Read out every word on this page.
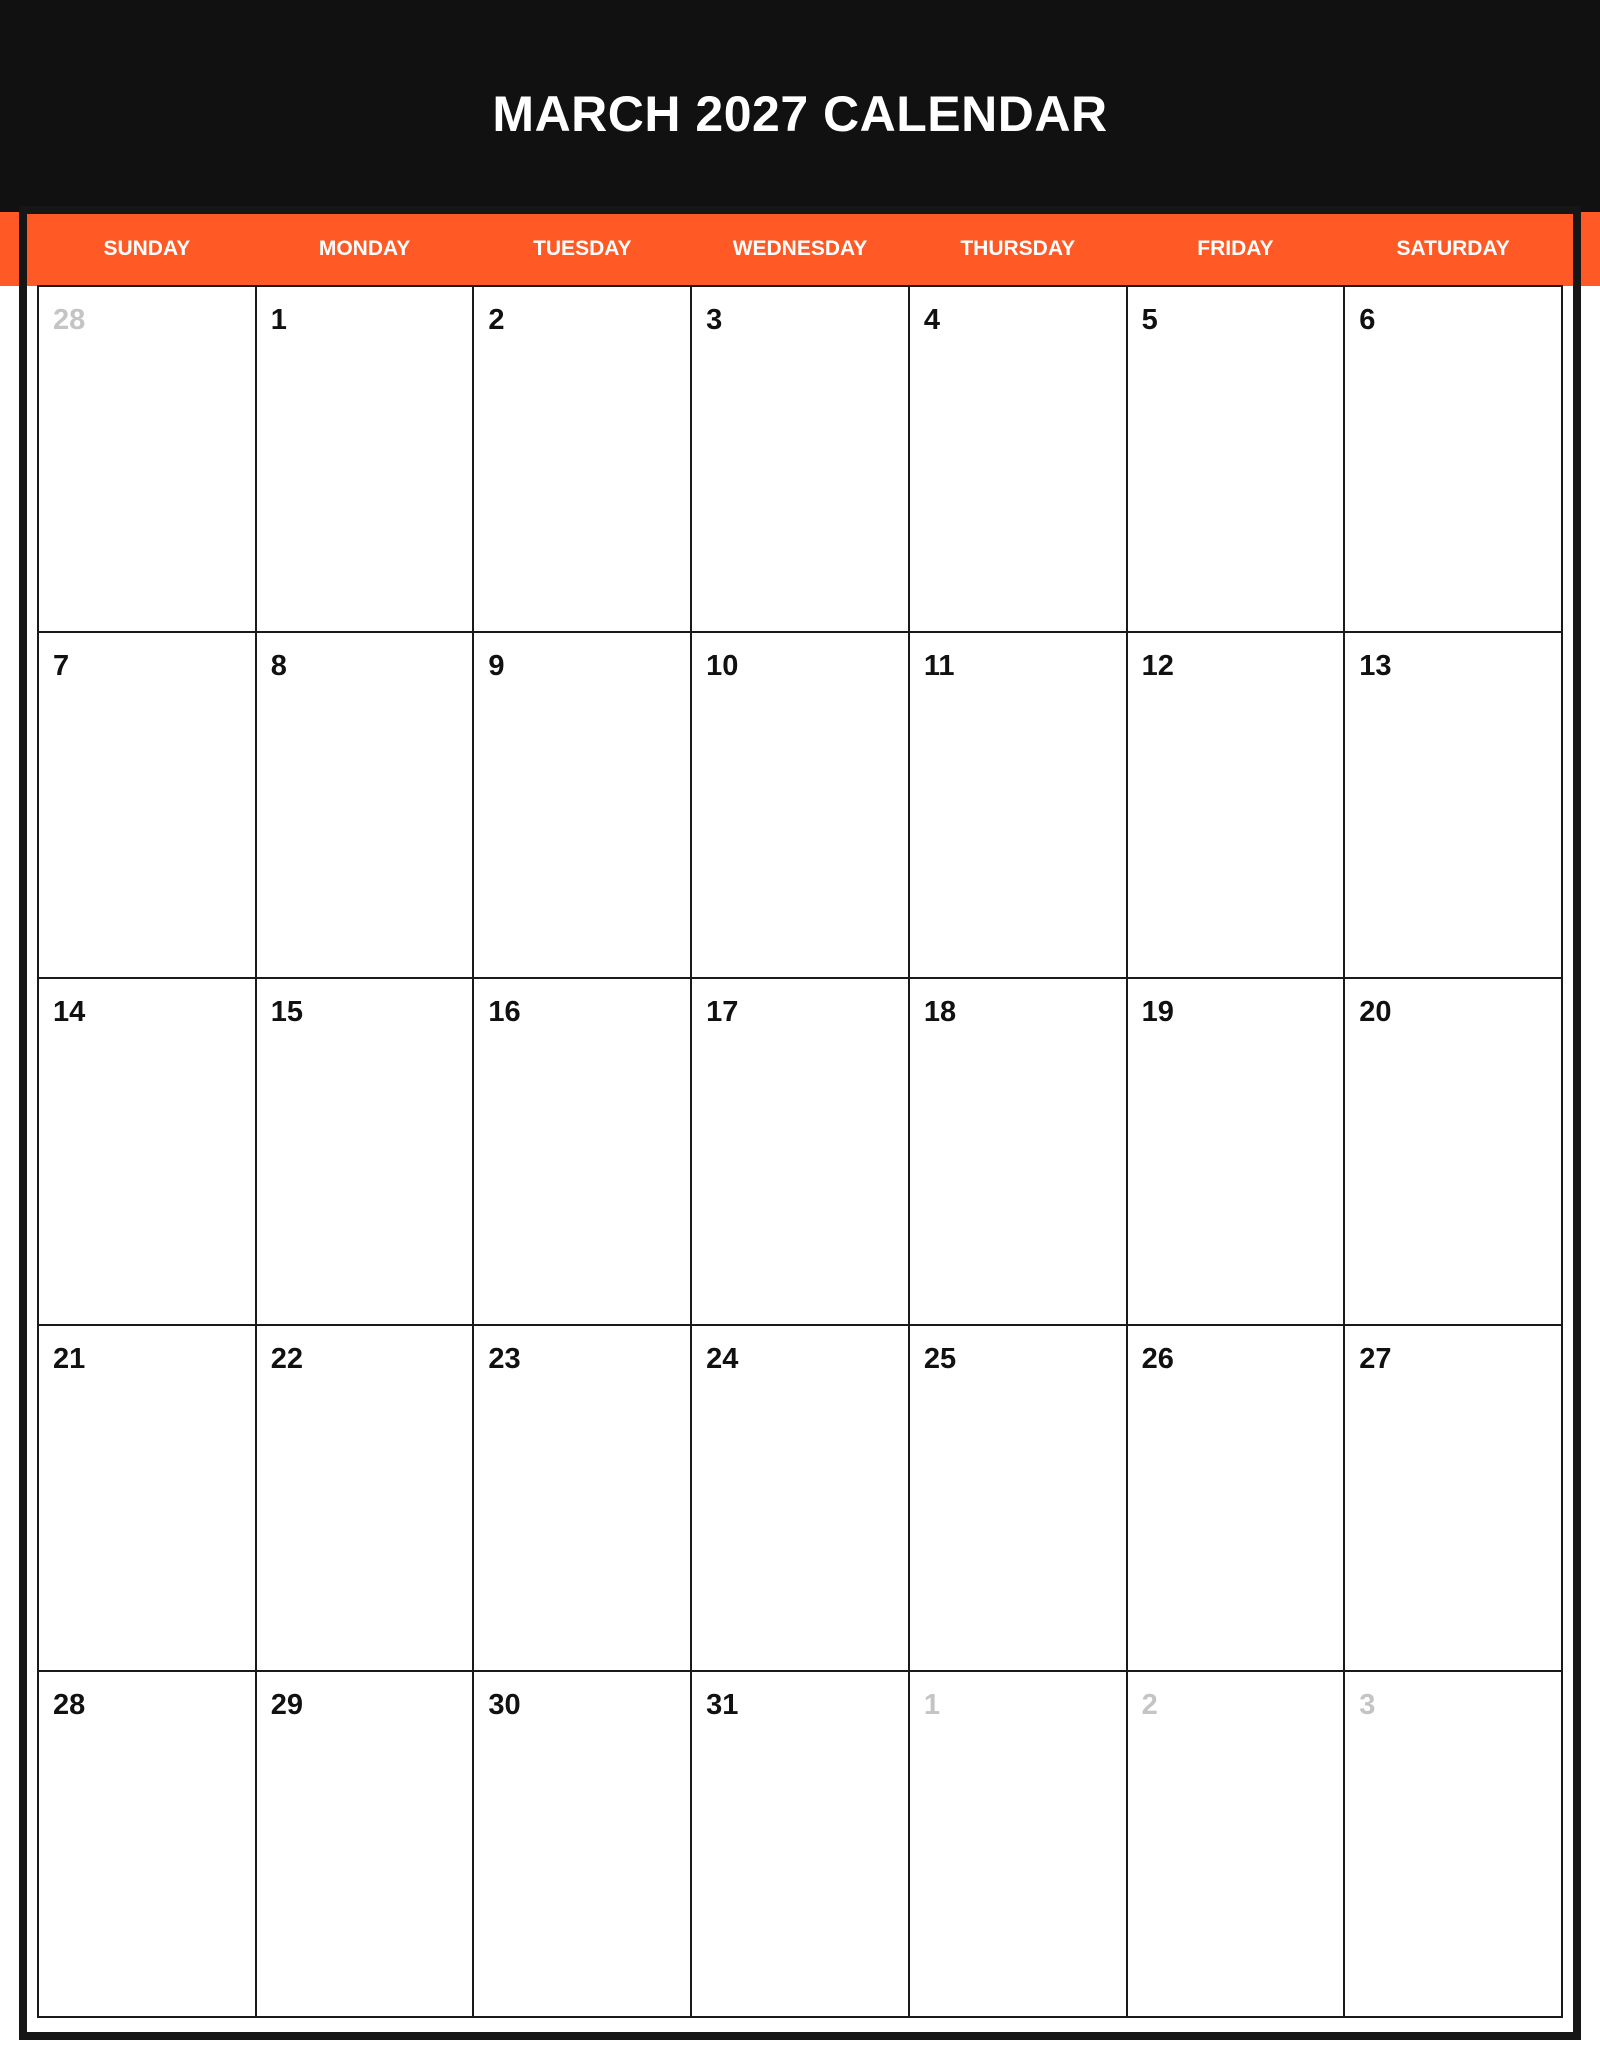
MARCH 2027 CALENDAR
SUNDAY	MONDAY	TUESDAY	WEDNESDAY	THURSDAY	FRIDAY	SATURDAY
28	1	2	3	4	5	6
7	8	9	10	11	12	13
14	15	16	17	18	19	20
21	22	23	24	25	26	27
28	29	30	31	1	2	3
